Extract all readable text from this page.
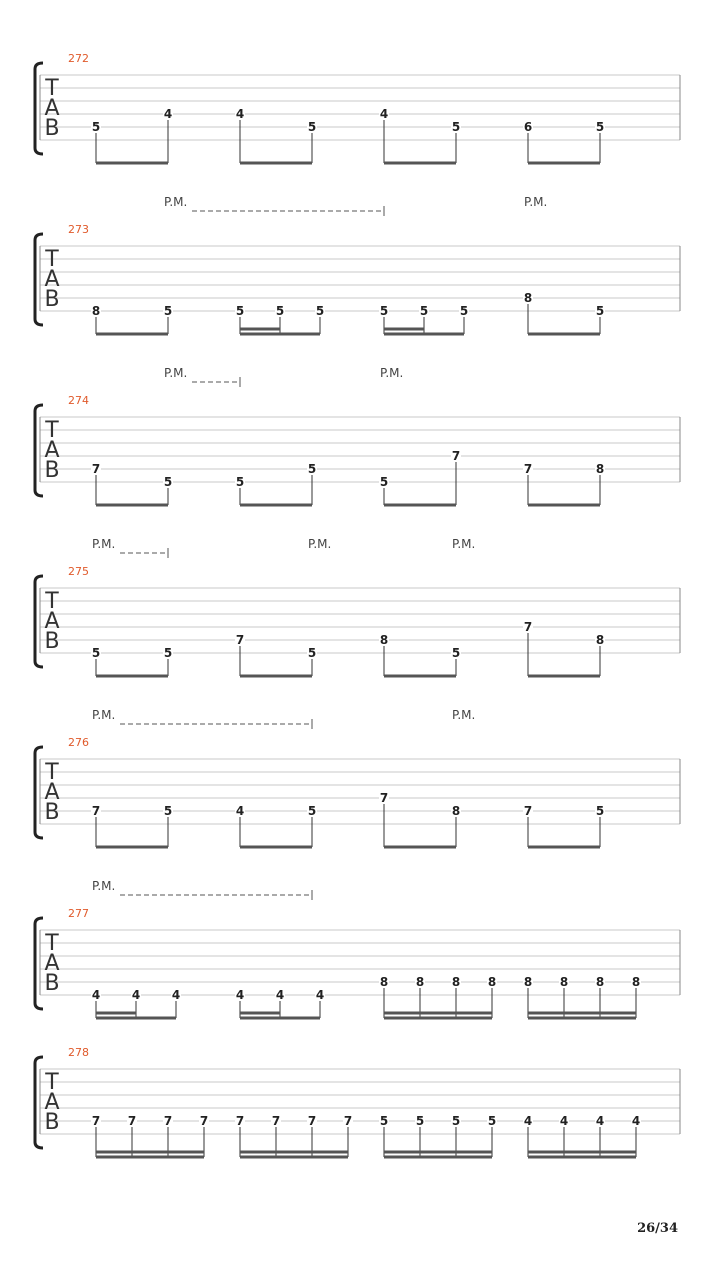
T
A
B
272
5
4	4
5
4
5	6	5
T
A
B
273
P.M.	P.M.
8	5	5	5	5	5	5	5
8
5
T
A
B
274
P.M.	P.M.
7
5	5
5
5
7
7	8
T
A
B
275
P.M.	P.M.	P.M.
5	5
7
5
8
5
7
8
T
A
B
276
P.M.	P.M.
7	5	4	5
7
8	7	5
T
A
B
277
P.M.
4	4	4	4	4	4
8 8 8 8 8 8 8 8
T
A
B
278
7 7 7 7 7 7 7 7 5 5 5 5 4 4 4 4
26/34
